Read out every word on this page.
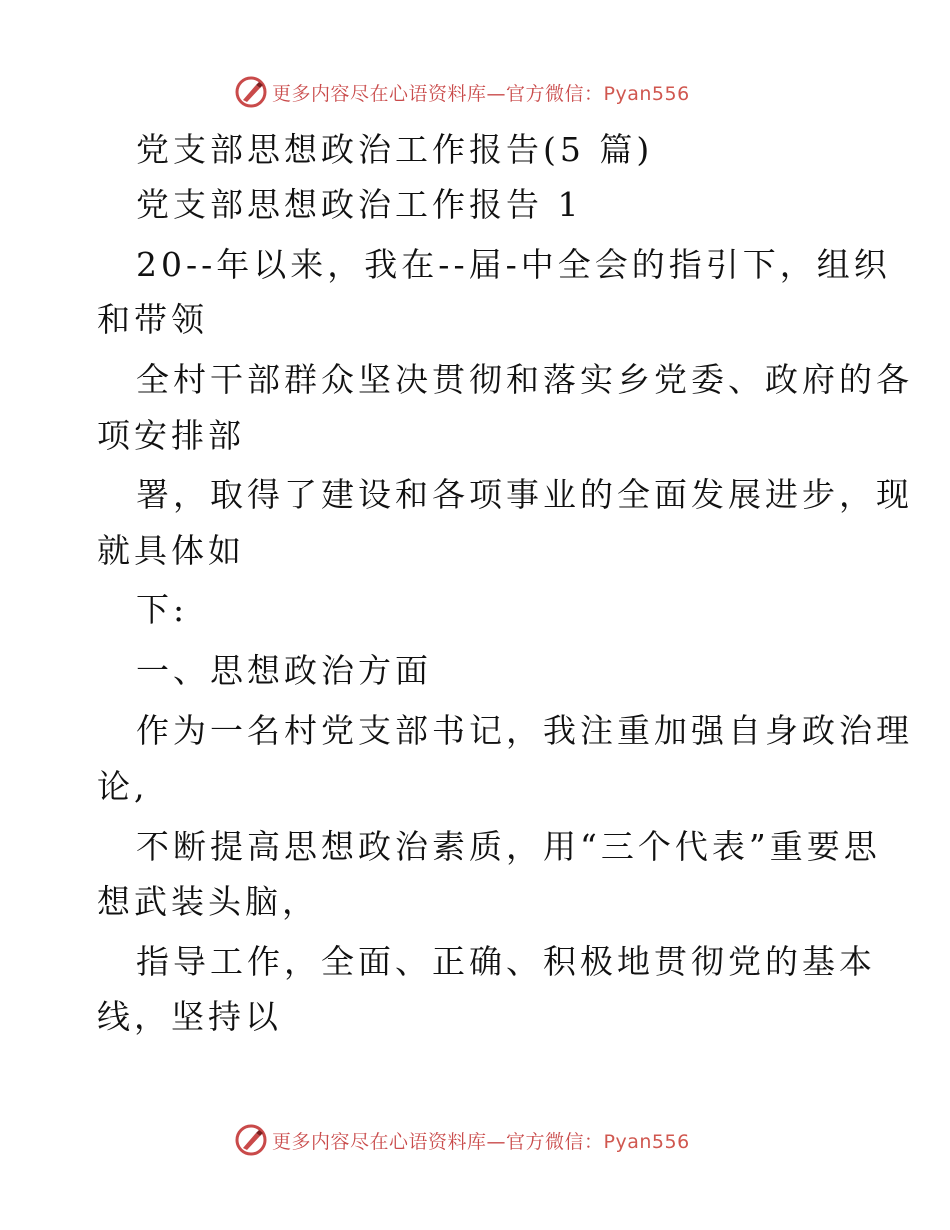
更多内容尽在心语资料库—官方微信：Pyan556
党支部思想政治工作报告(5 篇)
党支部思想政治工作报告 1
20--年以来，我在--届-中全会的指引下，组织
和带领
全村干部群众坚决贯彻和落实乡党委、政府的各
项安排部
署，取得了建设和各项事业的全面发展进步，现
就具体如
下:
一、思想政治方面
作为一名村党支部书记，我注重加强自身政治理
论,
不断提高思想政治素质，用“三个代表”重要思
想武装头脑，
指导工作，全面、正确、积极地贯彻党的基本
线，坚持以
更多内容尽在心语资料库—官方微信：Pyan556
